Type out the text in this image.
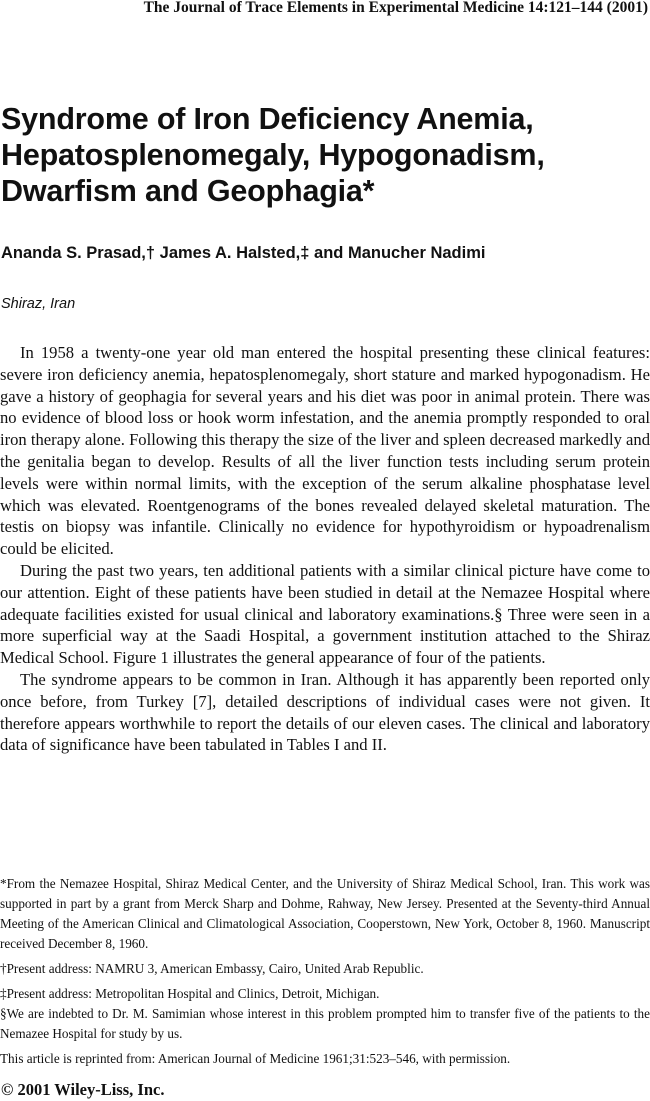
The Journal of Trace Elements in Experimental Medicine 14:121–144 (2001)
Syndrome of Iron Deficiency Anemia,
Hepatosplenomegaly, Hypogonadism,
Dwarfism and Geophagia*
Ananda S. Prasad,† James A. Halsted,‡ and Manucher Nadimi
Shiraz, Iran

In 1958 a twenty-one year old man entered the hospital presenting these clinical features: severe iron deficiency anemia, hepatosplenomegaly, short stature and marked hypogonadism. He gave a history of geophagia for several years and his diet was poor in animal protein. There was no evidence of blood loss or hook worm infestation, and the anemia promptly responded to oral iron therapy alone. Following this therapy the size of the liver and spleen decreased markedly and the genitalia began to develop. Results of all the liver function tests including serum protein levels were within normal limits, with the exception of the serum alkaline phosphatase level which was elevated. Roentgenograms of the bones revealed delayed skeletal maturation. The testis on biopsy was infantile. Clinically no evidence for hypothyroidism or hypoadrenalism could be elicited.

During the past two years, ten additional patients with a similar clinical picture have come to our attention. Eight of these patients have been studied in detail at the Nemazee Hospital where adequate facilities existed for usual clinical and laboratory examinations.§ Three were seen in a more superficial way at the Saadi Hospital, a government institution attached to the Shiraz Medical School. Figure 1 illustrates the general appearance of four of the patients.

The syndrome appears to be common in Iran. Although it has apparently been reported only once before, from Turkey [7], detailed descriptions of individual cases were not given. It therefore appears worthwhile to report the details of our eleven cases. The clinical and laboratory data of significance have been tabulated in Tables I and II.

*From the Nemazee Hospital, Shiraz Medical Center, and the University of Shiraz Medical School, Iran. This work was supported in part by a grant from Merck Sharp and Dohme, Rahway, New Jersey. Presented at the Seventy-third Annual Meeting of the American Clinical and Climatological Association, Cooperstown, New York, October 8, 1960. Manuscript received December 8, 1960.

†Present address: NAMRU 3, American Embassy, Cairo, United Arab Republic.

‡Present address: Metropolitan Hospital and Clinics, Detroit, Michigan.

§We are indebted to Dr. M. Samimian whose interest in this problem prompted him to transfer five of the patients to the Nemazee Hospital for study by us.

This article is reprinted from: American Journal of Medicine 1961;31:523–546, with permission.

© 2001 Wiley-Liss, Inc.
